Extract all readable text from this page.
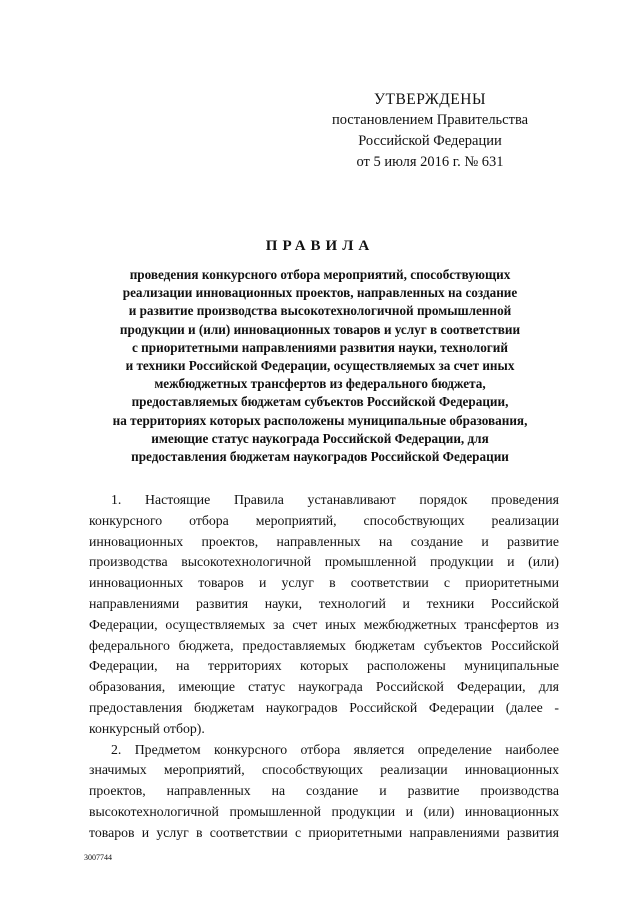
УТВЕРЖДЕНЫ
постановлением Правительства
Российской Федерации
от 5 июля 2016 г. № 631
ПРАВИЛА
проведения конкурсного отбора мероприятий, способствующих
реализации инновационных проектов, направленных на создание
и развитие производства высокотехнологичной промышленной
продукции и (или) инновационных товаров и услуг в соответствии
с приоритетными направлениями развития науки, технологий
и техники Российской Федерации, осуществляемых за счет иных
межбюджетных трансфертов из федерального бюджета,
предоставляемых бюджетам субъектов Российской Федерации,
на территориях которых расположены муниципальные образования,
имеющие статус наукограда Российской Федерации, для
предоставления бюджетам наукоградов Российской Федерации
1. Настоящие Правила устанавливают порядок проведения
конкурсного отбора мероприятий, способствующих реализации
инновационных проектов, направленных на создание и развитие
производства высокотехнологичной промышленной продукции и (или)
инновационных товаров и услуг в соответствии с приоритетными
направлениями развития науки, технологий и техники Российской
Федерации, осуществляемых за счет иных межбюджетных трансфертов из
федерального бюджета, предоставляемых бюджетам субъектов Российской
Федерации, на территориях которых расположены муниципальные
образования, имеющие статус наукограда Российской Федерации, для
предоставления бюджетам наукоградов Российской Федерации (далее -
конкурсный отбор).
2. Предметом конкурсного отбора является определение наиболее
значимых мероприятий, способствующих реализации инновационных
проектов, направленных на создание и развитие производства
высокотехнологичной промышленной продукции и (или) инновационных
товаров и услуг в соответствии с приоритетными направлениями развития
3007744
